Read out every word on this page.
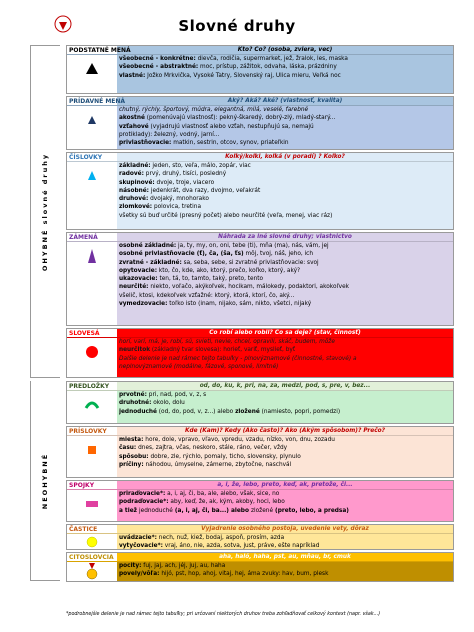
Slovné druhy
OHYBNÉ slovné druhy
NEOHYBNÉ
PODSTATNÉ MENÁ	Kto? Čo? (osoba, zviera, vec)
všeobecné - konkrétne: dievča, rodičia, supermarket, jež, žralok, les, maska
všeobecné - abstraktné: moc, prístup, zážitok, odvaha, láska, prázdniny
vlastné: Jožko Mrkvička, Vysoké Tatry, Slovenský raj, Ulica mieru, Veľká noc
PRÍDAVNÉ MENÁ	Aký? Aká? Aké? (vlastnosť, kvalita)
chutný, rýchly, športový, múdra, elegantná, milá, veselé, farebné
akostné (pomenúvajú vlastnosť): pekný-škaredý, dobrý-zlý, mladý-starý...
vzťahové (vyjadrujú vlastnosť alebo vzťah, nestupňujú sa, nemajú
protiklady): železný, vodný, jarní...
privlastňovacie: matkin, sestrin, otcov, synov, priateľkin
ČÍSLOVKY	Koľký/koľki, koľká (v poradí) ? Koľko?
základné: jeden, sto, veľa, málo, zopár, viac
radové: prvý, druhý, tisíci, posledný
skupinové: dvoje, troje, viacero
násobné: jedenkrát, dva razy, dvojmo, veľakrát
druhové: dvojaký, mnohorako
zlomkové: polovica, tretina
všetky sú buď určité (presný počet) alebo neurčité (veľa, menej, viac ráz)
ZÁMENÁ	Náhrada za iné slovné druhy; vlastnictvo
osobné základné: ja, ty, my, on, oni, tebe (ti), mňa (ma), nás, vám, jej
osobné privlastňovacie (ť), ča, (ša, ťs) môj, tvoj, náš, jeho, ich
zvratné - základné: sa, seba, sebe, si zvratné privlastňovacie: svoj
opytovacie: kto, čo, kde, ako, ktorý, prečo, koľko, ktorý, aký?
ukazovacie: ten, tá, to, tamto, taký, preto, tento
neurčité: niekto, voľačo, akýkoľvek, hocikam, málokedy, podaktori, akokoľvek
všelič, ktosi, kdekoľvek vzťažné: ktorý, ktorá, ktorí, čo, aký...
vymedzovacie: toľko isto (inam, nijako, sám, nikto, všetci, nijaký
SLOVESÁ	Čo robí alebo robil? Čo sa deje? (stav, činnosť)
horí, varí, má, je, robí, sú, svieti, nevie, chcel, opravili, skáč, budem, môže
neurčitok (základný tvar slovesa): horieť, variť, myslieť, byť
Ďalšie delenie je nad rámec tejto tabuľky - plnovýznamové (činnostné, stavové) a
neplnovýznamové (modálne, fázové, sponové, limitné)
PREDLOŽKY	od, do, ku, k, pri, na, za, medzi, pod, s, pre, v, bez...
prvotné: pri, nad, pod, v, z, s
druhotné: okolo, dolu
jednoduché (od, do, pod, v, z...) alebo zložené (namiesto, popri, pomedzi)
PRÍSLOVKY	Kde (Kam)? Kedy (Ako často)? Ako (Akým spôsobom)? Prečo?
miesta: hore, dole, vpravo, vľavo, vpredu, vzadu, nízko, von, dnu, zozadu
času: dnes, zajtra, včas, neskoro, stále, ráno, večer, vždy
spôsobu: dobre, zle, rýchlo, pomaly, ticho, slovensky, plynulo
príčiny: náhodou, úmyselne, zámerne, zbytočne, naschvál
SPOJKY	a, i, že, lebo, preto, keď, ak, pretože, či...
priraďovacie*: a, i, aj, či, ba, ale, alebo, však, sice, no
podraďovacie*: aby, keď, že, ak, kým, akoby, hoci, lebo
a tiež jednoduché (a, i, aj, či, ba...) alebo zložené (preto, lebo, a predsa)
ČASTICE	Vyjadrenie osobného postoja, uvedenie vety, dôraz
uvádzacie*: nech, nuž, kiež, bodaj, aspoň, prosím, azda
vytyčovacie*: vraj, áno, nie, azda, sotva, just, práve, ešte napríklad
CITOSLOVCIA	aha, haló, haha, pst, au, mňau, br, cmuk
pocity: fuj, jaj, ach, jéj, juj, au, haha
povely/vôľa: hijó, pst, hop, ahoj, vitaj, hej, áma zvuky: hav, bum, plesk
*podrobnejšie delenie je nad rámec tejto tabuľky; pri určovaní niektorých druhov treba zohľadňovať celkový kontext (napr. však...)
